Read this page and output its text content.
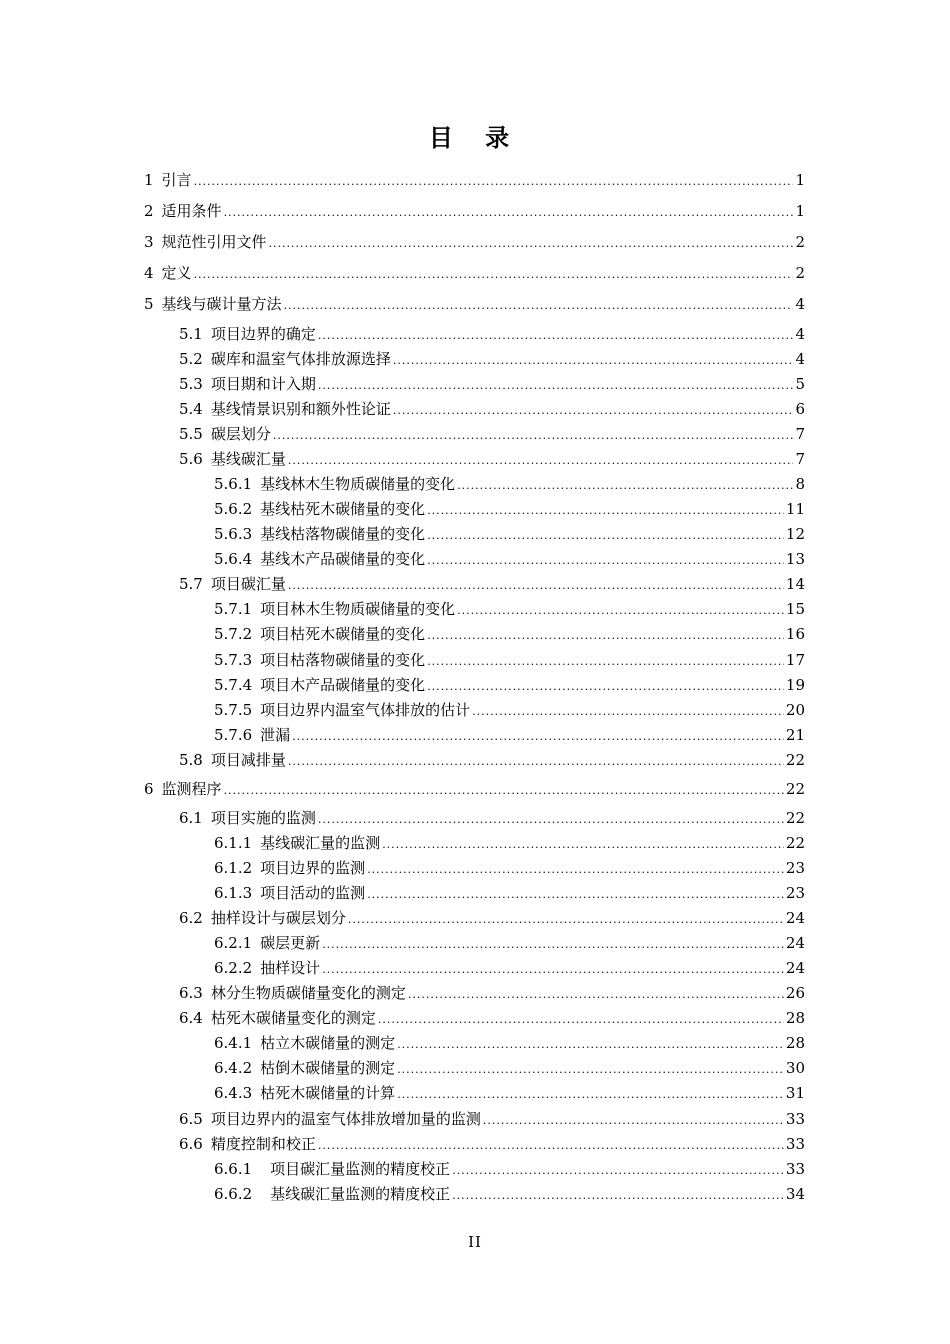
目 录
1 引言 .....	1
2 适用条件 .....	1
3 规范性引用文件 .....	2
4 定义 .....	2
5 基线与碳计量方法 .....	4
5.1 项目边界的确定 .....	4
5.2 碳库和温室气体排放源选择 .....	4
5.3 项目期和计入期 .....	5
5.4 基线情景识别和额外性论证 .....	6
5.5 碳层划分 .....	7
5.6 基线碳汇量 .....	7
5.6.1 基线林木生物质碳储量的变化 .....	8
5.6.2 基线枯死木碳储量的变化 .....	11
5.6.3 基线枯落物碳储量的变化 .....	12
5.6.4 基线木产品碳储量的变化 .....	13
5.7 项目碳汇量 .....	14
5.7.1 项目林木生物质碳储量的变化 .....	15
5.7.2 项目枯死木碳储量的变化 .....	16
5.7.3 项目枯落物碳储量的变化 .....	17
5.7.4 项目木产品碳储量的变化 .....	19
5.7.5 项目边界内温室气体排放的估计 .....	20
5.7.6 泄漏 .....	21
5.8 项目减排量 .....	22
6 监测程序 .....	22
6.1 项目实施的监测 .....	22
6.1.1 基线碳汇量的监测 .....	22
6.1.2 项目边界的监测 .....	23
6.1.3 项目活动的监测 .....	23
6.2 抽样设计与碳层划分 .....	24
6.2.1 碳层更新 .....	24
6.2.2 抽样设计 .....	24
6.3 林分生物质碳储量变化的测定 .....	26
6.4 枯死木碳储量变化的测定 .....	28
6.4.1 枯立木碳储量的测定 .....	28
6.4.2 枯倒木碳储量的测定 .....	30
6.4.3 枯死木碳储量的计算 .....	31
6.5 项目边界内的温室气体排放增加量的监测 .....	33
6.6 精度控制和校正 .....	33
6.6.1 项目碳汇量监测的精度校正 .....	33
6.6.2 基线碳汇量监测的精度校正 .....	34
II
